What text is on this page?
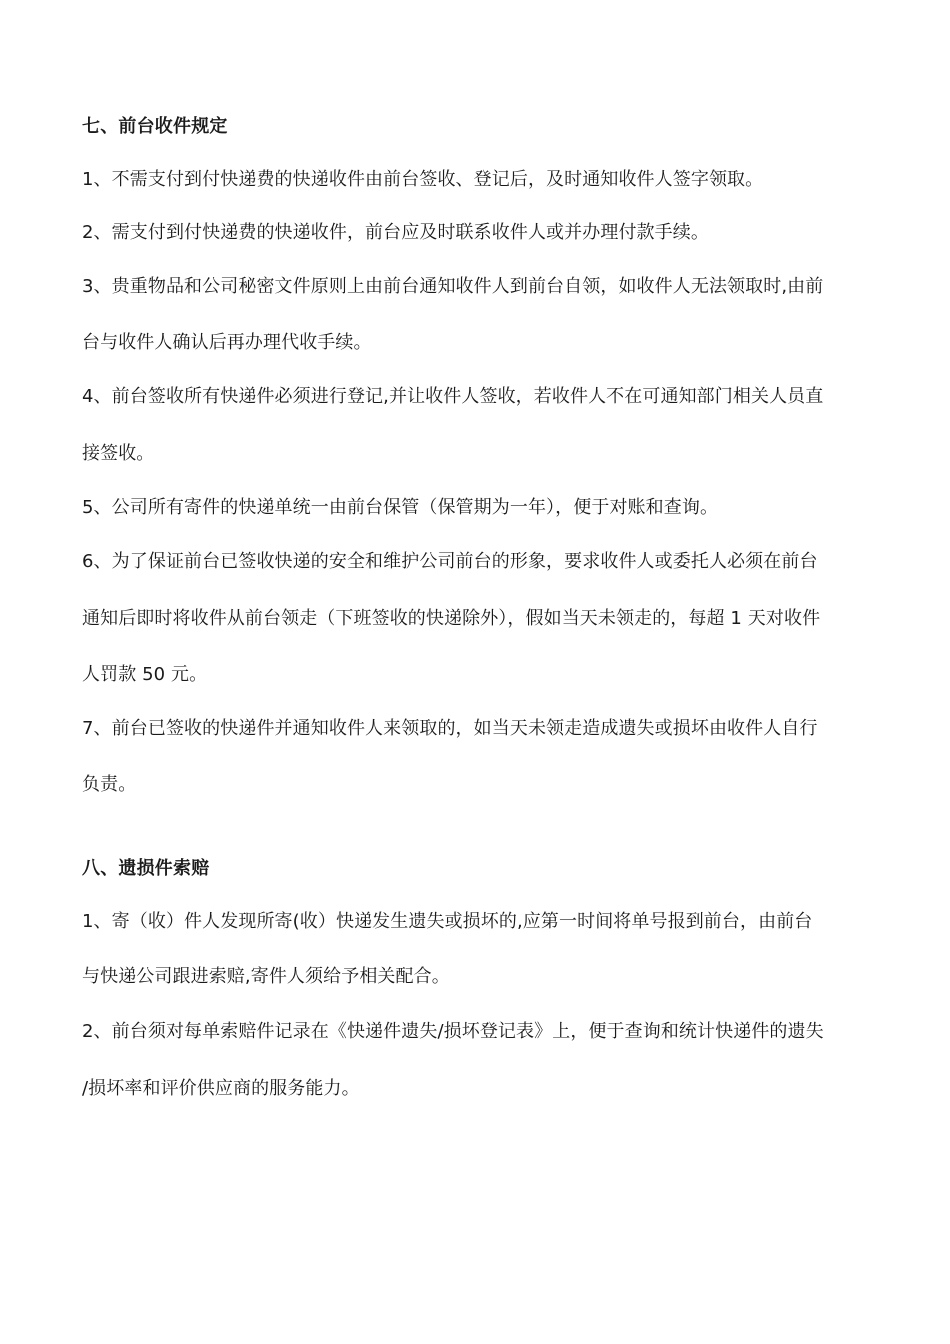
七、前台收件规定
1、不需支付到付快递费的快递收件由前台签收、登记后，及时通知收件人签字领取。
2、需支付到付快递费的快递收件，前台应及时联系收件人或并办理付款手续。
3、贵重物品和公司秘密文件原则上由前台通知收件人到前台自领，如收件人无法领取时,由前
台与收件人确认后再办理代收手续。
4、前台签收所有快递件必须进行登记,并让收件人签收，若收件人不在可通知部门相关人员直
接签收。
5、公司所有寄件的快递单统一由前台保管（保管期为一年），便于对账和查询。
6、为了保证前台已签收快递的安全和维护公司前台的形象，要求收件人或委托人必须在前台
通知后即时将收件从前台领走（下班签收的快递除外），假如当天未领走的，每超 1 天对收件
人罚款 50 元。
7、前台已签收的快递件并通知收件人来领取的，如当天未领走造成遗失或损坏由收件人自行
负责。
八、遗损件索赔
1、寄（收）件人发现所寄(收）快递发生遗失或损坏的,应第一时间将单号报到前台，由前台
与快递公司跟进索赔,寄件人须给予相关配合。
2、前台须对每单索赔件记录在《快递件遗失/损坏登记表》上，便于查询和统计快递件的遗失
/损坏率和评价供应商的服务能力。
